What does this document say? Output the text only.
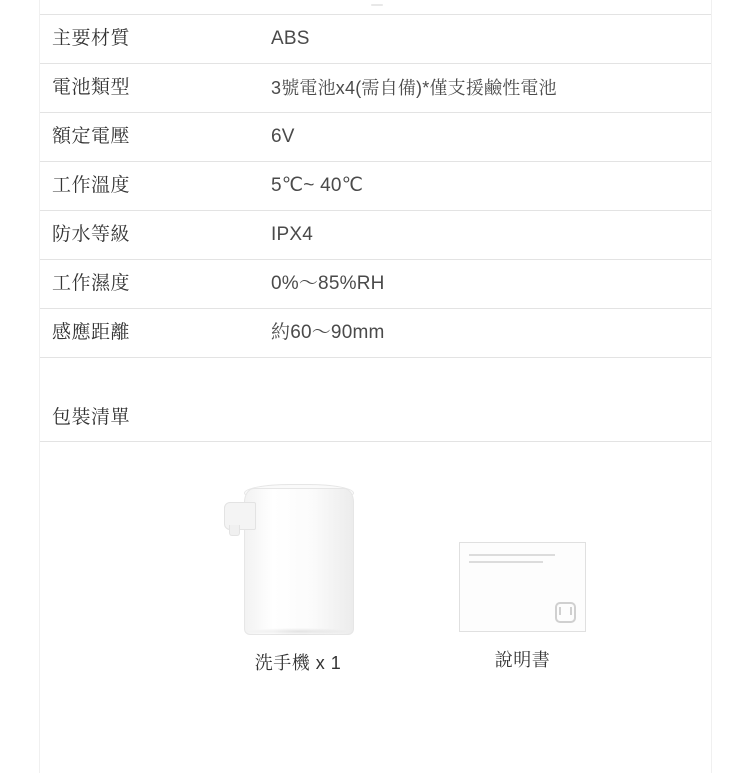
主要材質	ABS
電池類型	3號電池x4(需自備)*僅支援鹼性電池
額定電壓	6V
工作溫度	5℃~ 40℃
防水等級	IPX4
工作濕度	0%～85%RH
感應距離	約60～90mm
包裝清單
洗手機 x 1	說明書
